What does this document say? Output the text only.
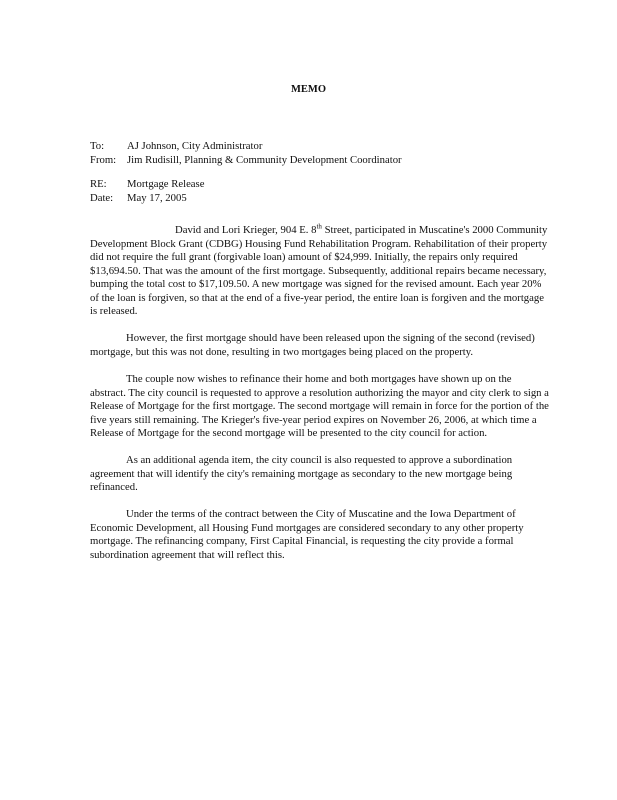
MEMO
To: AJ Johnson, City Administrator
From: Jim Rudisill, Planning & Community Development Coordinator
RE: Mortgage Release
Date: May 17, 2005
David and Lori Krieger, 904 E. 8th Street, participated in Muscatine's 2000 Community
Development Block Grant (CDBG) Housing Fund Rehabilitation Program. Rehabilitation of their property
did not require the full grant (forgivable loan) amount of $24,999. Initially, the repairs only required
$13,694.50. That was the amount of the first mortgage. Subsequently, additional repairs became necessary,
bumping the total cost to $17,109.50. A new mortgage was signed for the revised amount. Each year 20%
of the loan is forgiven, so that at the end of a five-year period, the entire loan is forgiven and the mortgage
is released.
However, the first mortgage should have been released upon the signing of the second (revised)
mortgage, but this was not done, resulting in two mortgages being placed on the property.
The couple now wishes to refinance their home and both mortgages have shown up on the
abstract. The city council is requested to approve a resolution authorizing the mayor and city clerk to sign a
Release of Mortgage for the first mortgage. The second mortgage will remain in force for the portion of the
five years still remaining. The Krieger's five-year period expires on November 26, 2006, at which time a
Release of Mortgage for the second mortgage will be presented to the city council for action.
As an additional agenda item, the city council is also requested to approve a subordination
agreement that will identify the city's remaining mortgage as secondary to the new mortgage being
refinanced.
Under the terms of the contract between the City of Muscatine and the Iowa Department of
Economic Development, all Housing Fund mortgages are considered secondary to any other property
mortgage. The refinancing company, First Capital Financial, is requesting the city provide a formal
subordination agreement that will reflect this.
